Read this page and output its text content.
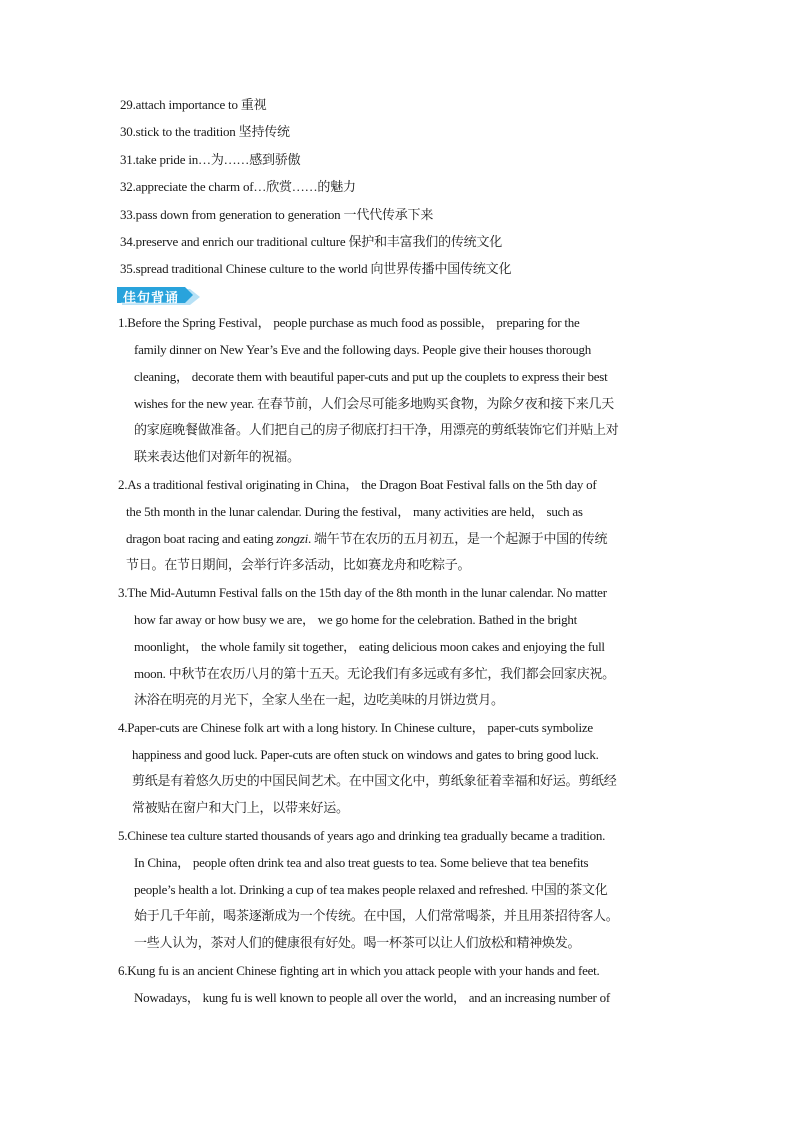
29.attach importance to 重视
30.stick to the tradition 坚持传统
31.take pride in…为……感到骄傲
32.appreciate the charm of…欣赏……的魅力
33.pass down from generation to generation 一代代传承下来
34.preserve and enrich our traditional culture 保护和丰富我们的传统文化
35.spread traditional Chinese culture to the world 向世界传播中国传统文化
佳句背诵
1.Before the Spring Festival， people purchase as much food as possible， preparing for the
family dinner on New Year’s Eve and the following days. People give their houses thorough
cleaning， decorate them with beautiful paper-cuts and put up the couplets to express their best
wishes for the new year. 在春节前，人们会尽可能多地购买食物，为除夕夜和接下来几天
的家庭晚餐做准备。人们把自己的房子彻底打扫干净，用漂亮的剪纸装饰它们并贴上对
联来表达他们对新年的祝福。
2.As a traditional festival originating in China， the Dragon Boat Festival falls on the 5th day of
the 5th month in the lunar calendar. During the festival， many activities are held， such as
dragon boat racing and eating zongzi. 端午节在农历的五月初五，是一个起源于中国的传统
节日。在节日期间，会举行许多活动，比如赛龙舟和吃粽子。
3.The Mid-Autumn Festival falls on the 15th day of the 8th month in the lunar calendar. No matter
how far away or how busy we are， we go home for the celebration. Bathed in the bright
moonlight， the whole family sit together， eating delicious moon cakes and enjoying the full
moon. 中秋节在农历八月的第十五天。无论我们有多远或有多忙，我们都会回家庆祝。
沐浴在明亮的月光下，全家人坐在一起，边吃美味的月饼边赏月。
4.Paper-cuts are Chinese folk art with a long history. In Chinese culture， paper-cuts symbolize
happiness and good luck. Paper-cuts are often stuck on windows and gates to bring good luck.
剪纸是有着悠久历史的中国民间艺术。在中国文化中，剪纸象征着幸福和好运。剪纸经
常被贴在窗户和大门上，以带来好运。
5.Chinese tea culture started thousands of years ago and drinking tea gradually became a tradition.
In China， people often drink tea and also treat guests to tea. Some believe that tea benefits
people’s health a lot. Drinking a cup of tea makes people relaxed and refreshed. 中国的茶文化
始于几千年前，喝茶逐渐成为一个传统。在中国，人们常常喝茶，并且用茶招待客人。
一些人认为，茶对人们的健康很有好处。喝一杯茶可以让人们放松和精神焕发。
6.Kung fu is an ancient Chinese fighting art in which you attack people with your hands and feet.
Nowadays， kung fu is well known to people all over the world， and an increasing number of
